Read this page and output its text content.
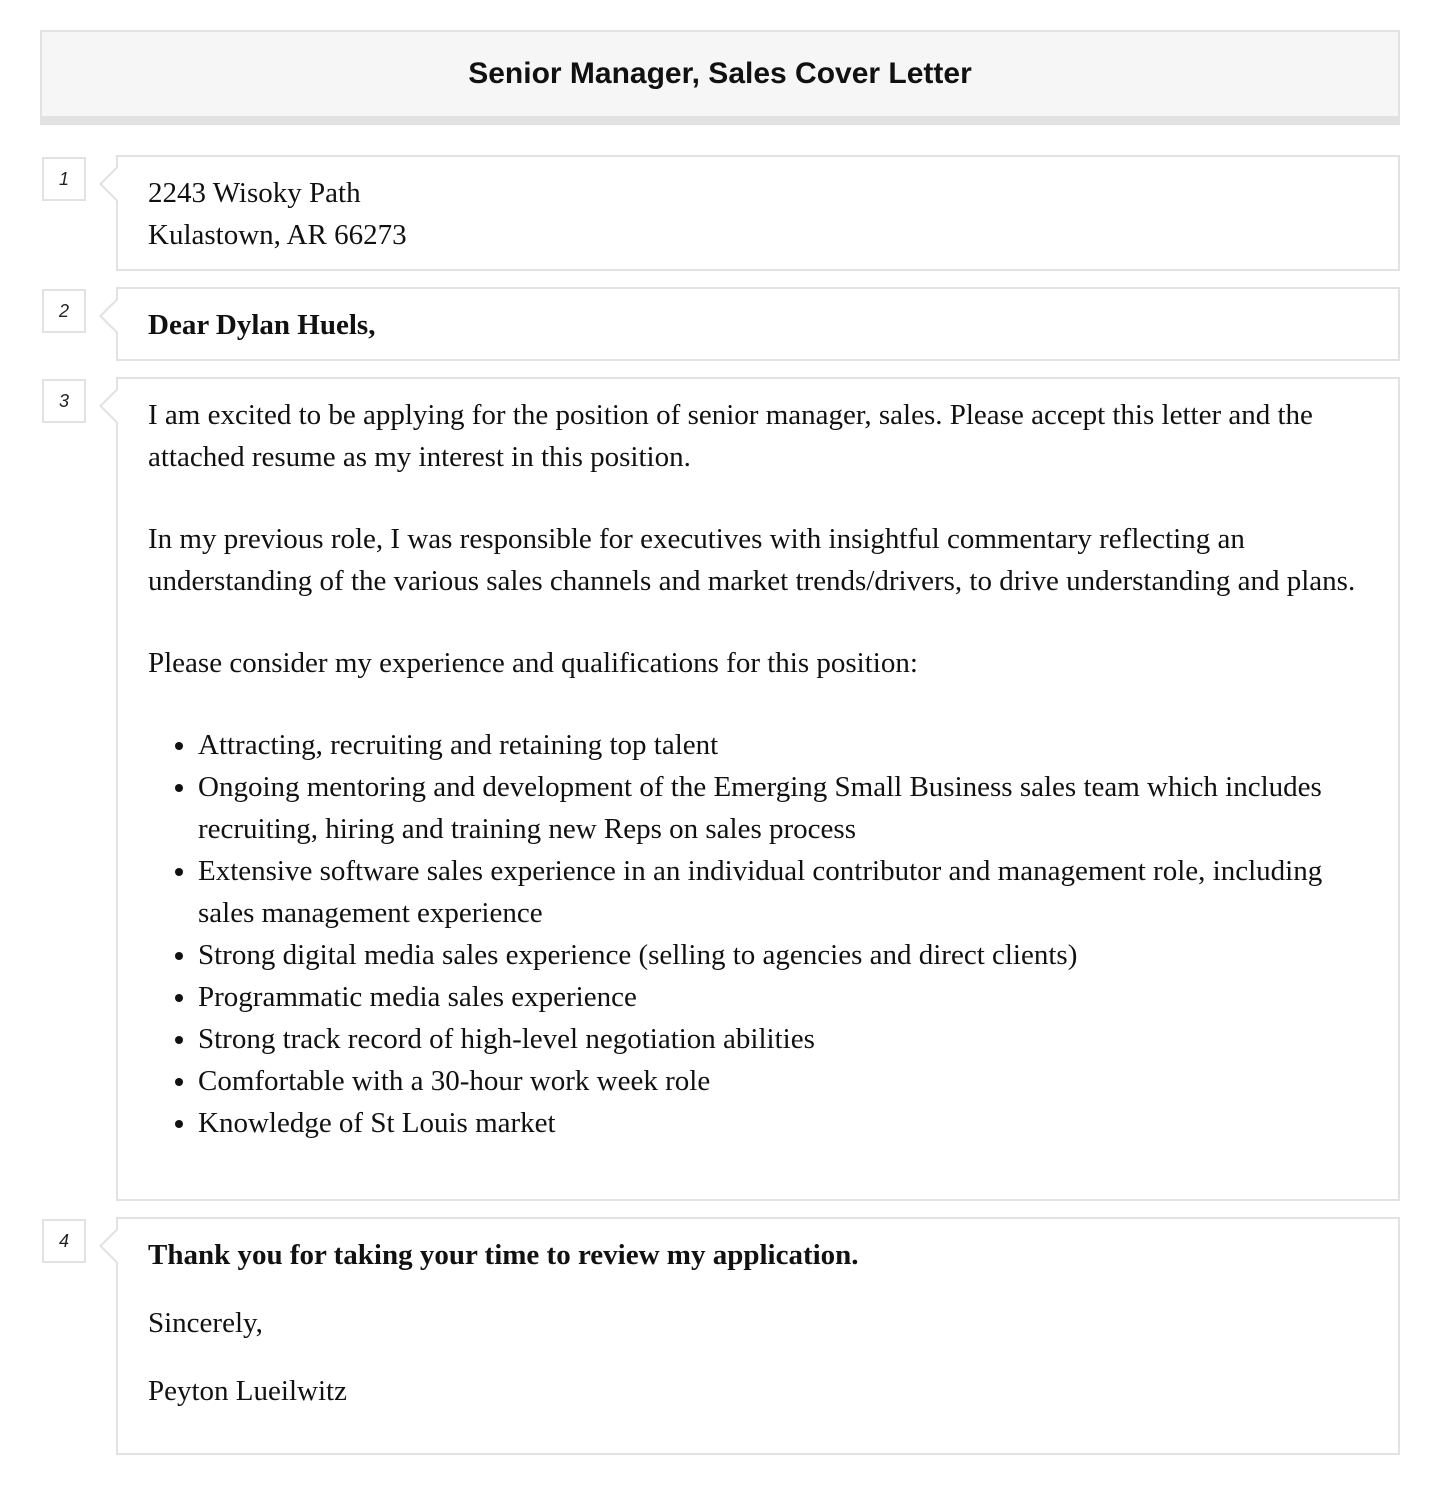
Senior Manager, Sales Cover Letter
1	2243 Wisoky Path
Kulastown, AR 66273
2	Dear Dylan Huels,

3	I am excited to be applying for the position of senior manager, sales. Please accept this letter and the attached resume as my interest in this position.

In my previous role, I was responsible for executives with insightful commentary reflecting an understanding of the various sales channels and market trends/drivers, to drive understanding and plans.

Please consider my experience and qualifications for this position:

• Attracting, recruiting and retaining top talent
• Ongoing mentoring and development of the Emerging Small Business sales team which includes recruiting, hiring and training new Reps on sales process
• Extensive software sales experience in an individual contributor and management role, including sales management experience
• Strong digital media sales experience (selling to agencies and direct clients)
• Programmatic media sales experience
• Strong track record of high-level negotiation abilities
• Comfortable with a 30-hour work week role
• Knowledge of St Louis market
4	Thank you for taking your time to review my application.

Sincerely,

Peyton Lueilwitz
